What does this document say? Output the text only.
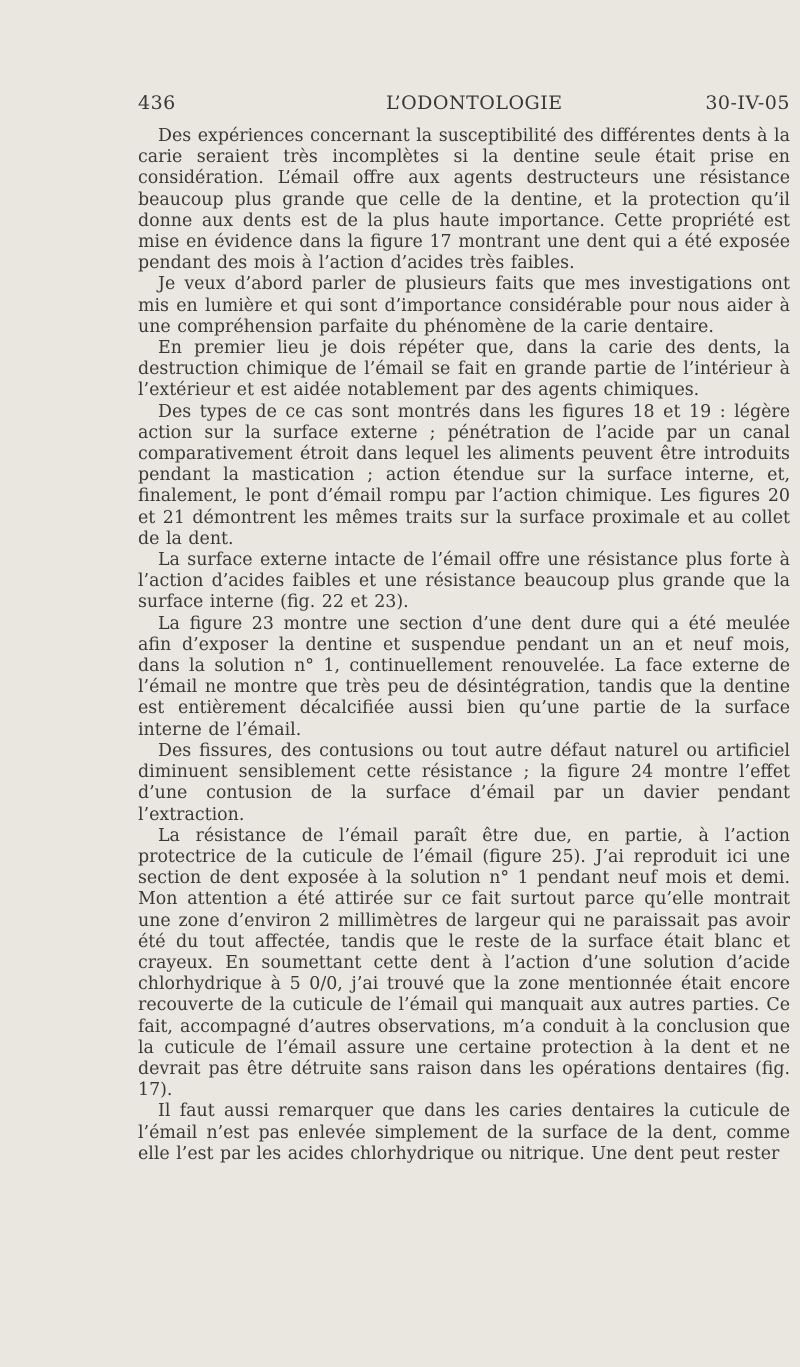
436	L’ODONTOLOGIE	30-IV-05

Des expériences concernant la susceptibilité des différentes dents à la carie seraient très incomplètes si la dentine seule était prise en considération. L’émail offre aux agents destructeurs une résistance beaucoup plus grande que celle de la dentine, et la protection qu’il donne aux dents est de la plus haute importance. Cette propriété est mise en évidence dans la figure 17 montrant une dent qui a été exposée pendant des mois à l’action d’acides très faibles.

Je veux d’abord parler de plusieurs faits que mes investigations ont mis en lumière et qui sont d’importance considérable pour nous aider à une compréhension parfaite du phénomène de la carie dentaire.

En premier lieu je dois répéter que, dans la carie des dents, la destruction chimique de l’émail se fait en grande partie de l’intérieur à l’extérieur et est aidée notablement par des agents chimiques.

Des types de ce cas sont montrés dans les figures 18 et 19 : légère action sur la surface externe ; pénétration de l’acide par un canal comparativement étroit dans lequel les aliments peuvent être introduits pendant la mastication ; action étendue sur la surface interne, et, finalement, le pont d’émail rompu par l’action chimique. Les figures 20 et 21 démontrent les mêmes traits sur la surface proximale et au collet de la dent.

La surface externe intacte de l’émail offre une résistance plus forte à l’action d’acides faibles et une résistance beaucoup plus grande que la surface interne (fig. 22 et 23).

La figure 23 montre une section d’une dent dure qui a été meulée afin d’exposer la dentine et suspendue pendant un an et neuf mois, dans la solution n° 1, continuellement renouvelée. La face externe de l’émail ne montre que très peu de désintégration, tandis que la dentine est entièrement décalcifiée aussi bien qu’une partie de la surface interne de l’émail.

Des fissures, des contusions ou tout autre défaut naturel ou artificiel diminuent sensiblement cette résistance ; la figure 24 montre l’effet d’une contusion de la surface d’émail par un davier pendant l’extraction.

La résistance de l’émail paraît être due, en partie, à l’action protectrice de la cuticule de l’émail (figure 25). J’ai reproduit ici une section de dent exposée à la solution n° 1 pendant neuf mois et demi. Mon attention a été attirée sur ce fait surtout parce qu’elle montrait une zone d’environ 2 millimètres de largeur qui ne paraissait pas avoir été du tout affectée, tandis que le reste de la surface était blanc et crayeux. En soumettant cette dent à l’action d’une solution d’acide chlorhydrique à 5 0/0, j’ai trouvé que la zone mentionnée était encore recouverte de la cuticule de l’émail qui manquait aux autres parties. Ce fait, accompagné d’autres observations, m’a conduit à la conclusion que la cuticule de l’émail assure une certaine protection à la dent et ne devrait pas être détruite sans raison dans les opérations dentaires (fig. 17).

Il faut aussi remarquer que dans les caries dentaires la cuticule de l’émail n’est pas enlevée simplement de la surface de la dent, comme elle l’est par les acides chlorhydrique ou nitrique. Une dent peut rester
